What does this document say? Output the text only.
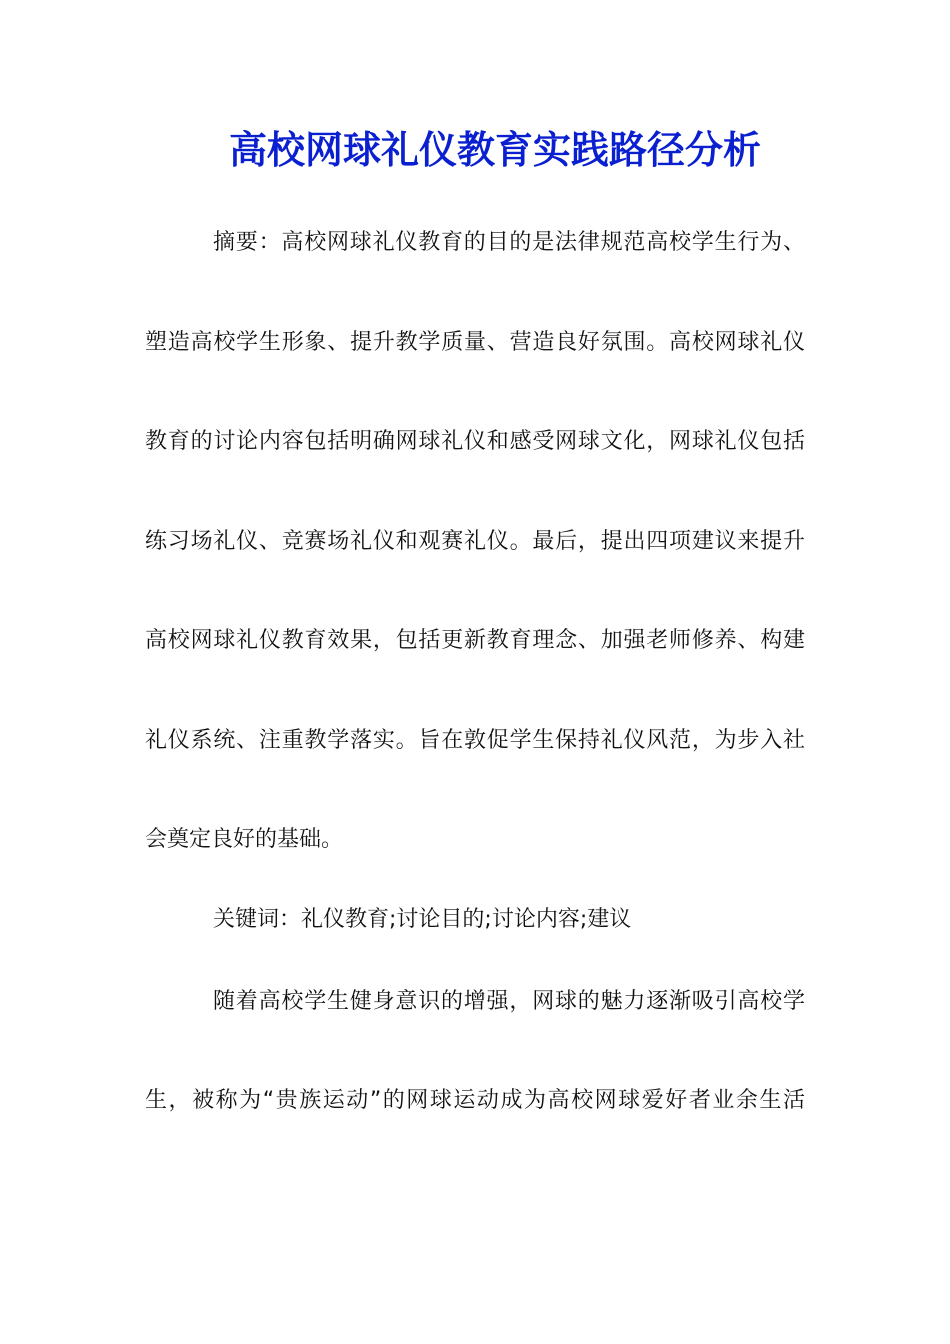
高校网球礼仪教育实践路径分析
摘要：高校网球礼仪教育的目的是法律规范高校学生行为、
塑造高校学生形象、提升教学质量、营造良好氛围。高校网球礼仪
教育的讨论内容包括明确网球礼仪和感受网球文化，网球礼仪包括
练习场礼仪、竞赛场礼仪和观赛礼仪。最后，提出四项建议来提升
高校网球礼仪教育效果，包括更新教育理念、加强老师修养、构建
礼仪系统、注重教学落实。旨在敦促学生保持礼仪风范，为步入社
会奠定良好的基础。
关键词：礼仪教育;讨论目的;讨论内容;建议
随着高校学生健身意识的增强，网球的魅力逐渐吸引高校学
生，被称为“贵族运动”的网球运动成为高校网球爱好者业余生活
